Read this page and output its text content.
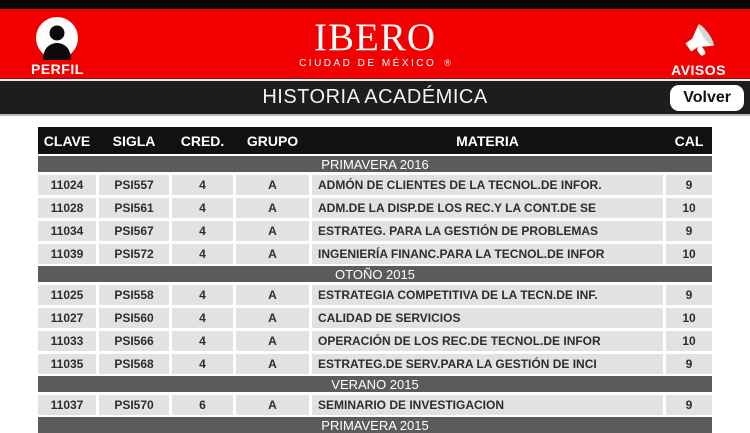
PERFIL
IBERO
CIUDAD DE MÉXICO ®	AVISOS
HISTORIA ACADÉMICA	Volver
CLAVE	SIGLA	CRED.	GRUPO	MATERIA	CAL
PRIMAVERA 2016
11024	PSI557	4	A	ADMÓN DE CLIENTES DE LA TECNOL.DE INFOR.	9
11028	PSI561	4	A	ADM.DE LA DISP.DE LOS REC.Y LA CONT.DE SE	10
11034	PSI567	4	A	ESTRATEG. PARA LA GESTIÓN DE PROBLEMAS	9
11039	PSI572	4	A	INGENIERÍA FINANC.PARA LA TECNOL.DE INFOR	10
OTOÑO 2015
11025	PSI558	4	A	ESTRATEGIA COMPETITIVA DE LA TECN.DE INF.	9
11027	PSI560	4	A	CALIDAD DE SERVICIOS	10
11033	PSI566	4	A	OPERACIÓN DE LOS REC.DE TECNOL.DE INFOR	10
11035	PSI568	4	A	ESTRATEG.DE SERV.PARA LA GESTIÓN DE INCI	9
VERANO 2015
11037	PSI570	6	A	SEMINARIO DE INVESTIGACION	9
PRIMAVERA 2015
